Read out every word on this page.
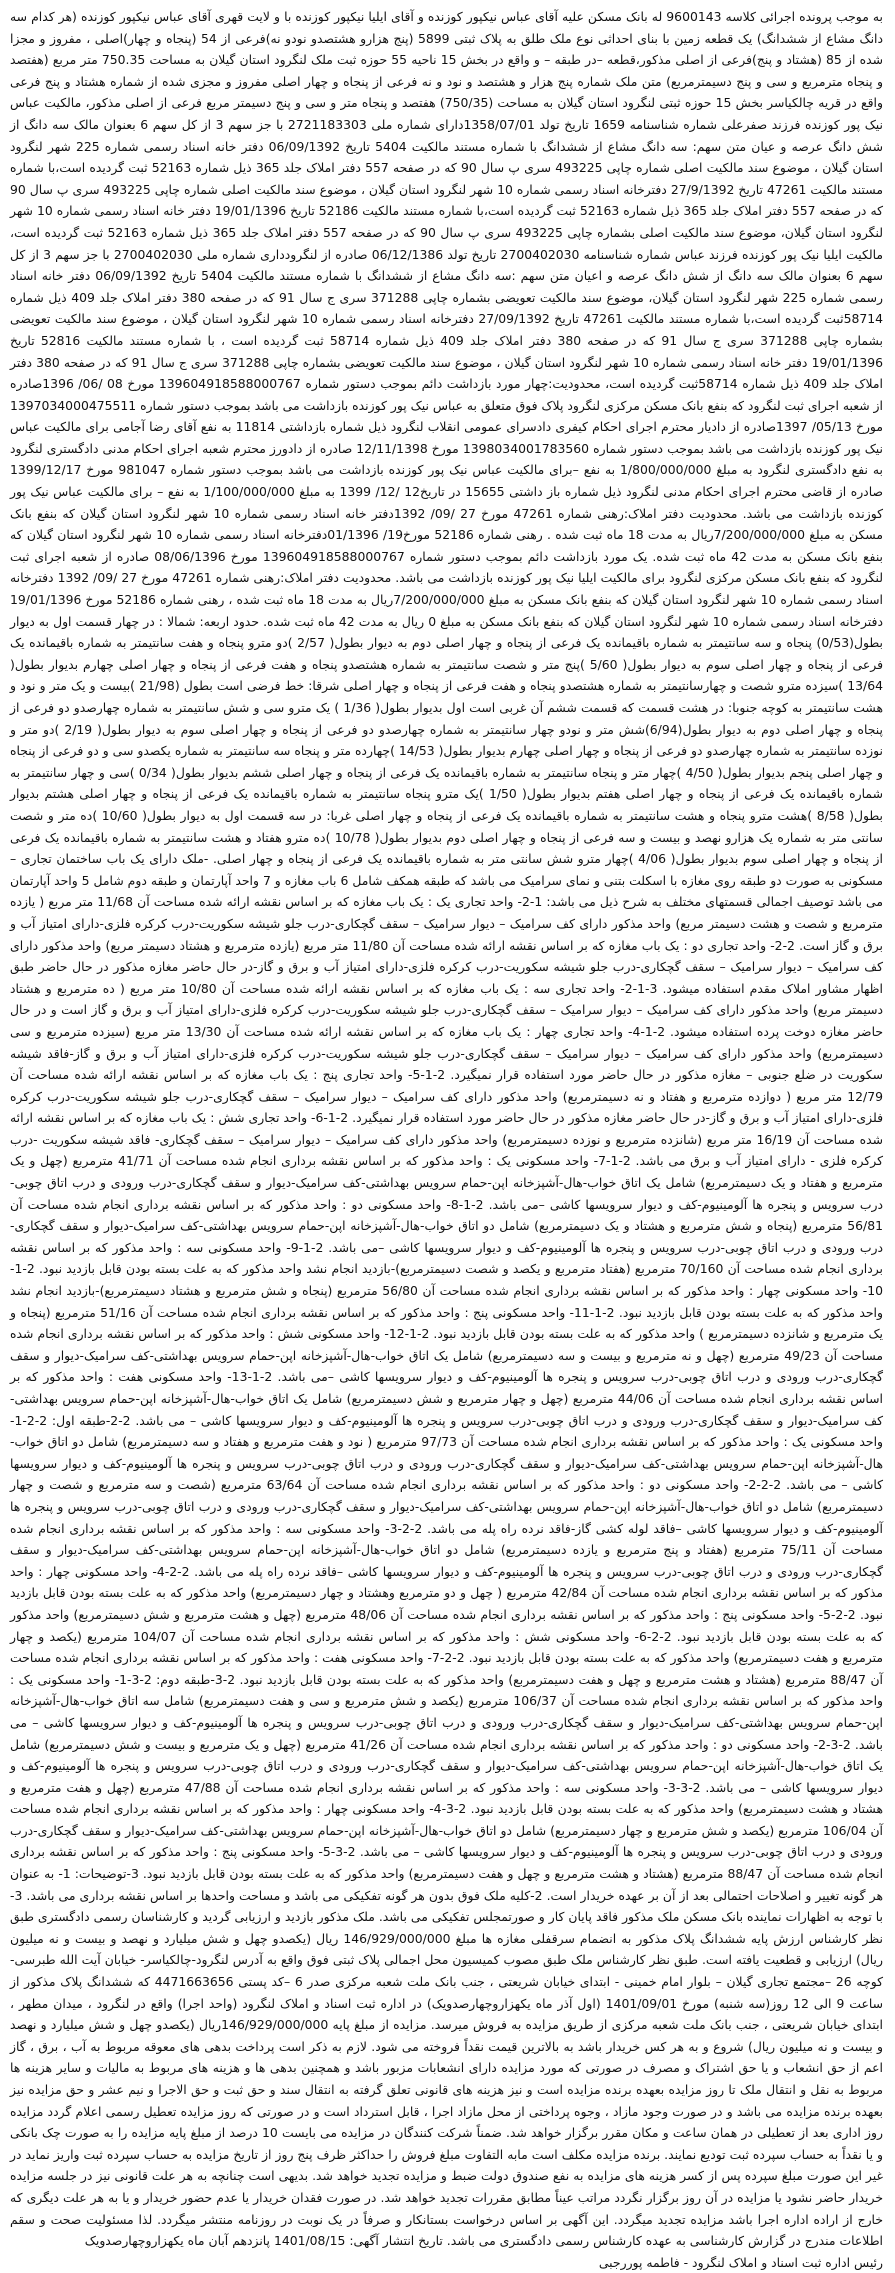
به موجب پرونده اجرائی کلاسه 9600143 له بانک مسکن علیه آقای عباس نیکپور کوزنده و آقای ایلیا نیکپور کوزنده با و لایت قهری آقای عباس نیکپور کوزنده (هر کدام سه دانگ مشاع از ششدانگ) یک قطعه زمین با بنای احداثی نوع ملک طلق به پلاک ثبتی 5899 (پنج هزارو هشتصدو نودو نه)فرعی از 54 (پنجاه و چهار)اصلی ، مفروز و مجزا شده از 85 (هشتاد و پنج)فرعی از اصلی مذکور،قطعه –در طبقه – و واقع در بخش 15 ناحیه 55 حوزه ثبت ملک لنگرود استان گیلان به مساحت 750.35 متر مربع (هفتصد و پنجاه مترمربع و سی و پنج دسیمترمربع) متن ملک شماره پنج هزار و هشتصد و نود و نه فرعی از پنجاه و چهار اصلی مفروز و مجزی شده از شماره هشتاد و پنج فرعی واقع در قریه چالکیاسر بخش 15 حوزه ثبتی لنگرود استان گیلان به مساحت (750/35) هفتصد و پنجاه متر و سی و پنج دسیمتر مربع فرعی از اصلی مذکور، مالکیت عباس نیک پور کوزنده فرزند صفرعلی شماره شناسنامه 1659 تاریخ تولد 1358/07/01دارای شماره ملی 2721183303 با جز سهم 3 از کل سهم 6 بعنوان مالک سه دانگ از شش دانگ عرصه و عیان متن سهم: سه دانگ مشاع از ششدانگ با شماره مستند مالکیت 5404 تاریخ 06/09/1392 دفتر خانه اسناد رسمی شماره 225 شهر لنگرود استان گیلان ، موضوع سند مالکیت اصلی شماره چاپی 493225 سری پ سال 90 که در صفحه 557 دفتر املاک جلد 365 ذیل شماره 52163 ثبت گردیده است،با شماره مستند مالکیت 47261 تاریخ 27/9/1392 دفترخانه اسناد رسمی شماره 10 شهر لنگرود استان گیلان ، موضوع سند مالکیت اصلی شماره چاپی 493225 سری پ سال 90 که در صفحه 557 دفتر املاک جلد 365 ذیل شماره 52163 ثبت گردیده است،با شماره مستند مالکیت 52186 تاریخ 19/01/1396 دفتر خانه اسناد رسمی شماره 10 شهر لنگرود استان گیلان، موضوع سند مالکیت اصلی بشماره چاپی 493225 سری پ سال 90 که در صفحه 557 دفتر املاک جلد 365 ذیل شماره 52163 ثبت گردیده است، مالکیت ایلیا نیک پور کوزنده فرزند عباس شماره شناسنامه 2700402030 تاریخ تولد 06/12/1386 صادره از لنگرودداری شماره ملی 2700402030 با جز سهم 3 از کل سهم 6 بعنوان مالک سه دانگ از شش دانگ عرصه و اعیان متن سهم :سه دانگ مشاع از ششدانگ با شماره مستند مالکیت 5404 تاریخ 06/09/1392 دفتر خانه اسناد رسمی شماره 225 شهر لنگرود استان گیلان، موضوع سند مالکیت تعویضی بشماره چاپی 371288 سری ج سال 91 که در صفحه 380 دفتر املاک جلد 409 ذیل شماره 58714ثبت گردیده است،با شماره مستند مالکیت 47261 تاریخ 27/09/1392 دفترخانه اسناد رسمی شماره 10 شهر لنگرود استان گیلان ، موضوع سند مالکیت تعویضی بشماره چاپی 371288 سری ج سال 91 که در صفحه 380 دفتر املاک جلد 409 ذیل شماره 58714 ثبت گردیده است ، با شماره مستند مالکیت 52816 تاریخ 19/01/1396 دفتر خانه اسناد رسمی شماره 10 شهر لنگرود استان گیلان ، موضوع سند مالکیت تعویضی بشماره چاپی 371288 سری ج سال 91 که در صفحه 380 دفتر املاک جلد 409 ذیل شماره 58714ثبت گردیده است، محدودیت:چهار مورد بازداشت دائم بموجب دستور شماره 139604918588000767 مورخ 08 /06/ 1396صادره از شعبه اجرای ثبت لنگرود که بنفع بانک مسکن مرکزی لنگرود پلاک فوق متعلق به عباس نیک پور کوزنده بازداشت می باشد بموجب دستور شماره 1397034000475511 مورخ 05/13/ 1397صادره از دادیار محترم اجرای احکام کیفری دادسرای عمومی انقلاب لنگرود ذیل شماره بازداشتی 11814 به نفع آقای رضا آجامی برای مالکیت عباس نیک پور کوزنده بازداشت می باشد بموجب دستور شماره 1398034001783560 مورخ 12/11/1398 صادره از دادورز محترم شعبه اجرای احکام مدنی دادگستری لنگرود به نفع دادگستری لنگرود به مبلغ 1/800/000/000 به نفع –برای مالکیت عباس نیک پور کوزنده بازداشت می باشد بموجب دستور شماره 981047 مورخ 1399/12/17 صادره از قاضی محترم اجرای احکام مدنی لنگرود ذیل شماره باز داشتی 15655 در تاریخ12 /12/ 1399 به مبلغ 1/100/000/000 به نفع – برای مالکیت عباس نیک پور کوزنده بازداشت می باشد. محدودیت دفتر املاک:رهنی شماره 47261 مورخ 27 /09/ 1392دفتر خانه اسناد رسمی شماره 10 شهر لنگرود استان گیلان که بنفع بانک مسکن به مبلغ 7/200/000/000ریال به مدت 18 ماه ثبت شده . رهنی شماره 52186 مورخ19/ 01/1396دفترخانه اسناد رسمی شماره 10 شهر لنگرود استان گیلان که بنفع بانک مسکن به مدت 42 ماه ثبت شده. یک مورد بازداشت دائم بموجب دستور شماره 139604918588000767 مورخ 08/06/1396 صادره از شعبه اجرای ثبت لنگرود که بنفع بانک مسکن مرکزی لنگرود برای مالکیت ایلیا نیک پور کوزنده بازداشت می باشد. محدودیت دفتر املاک:رهنی شماره 47261 مورخ 27 /09/ 1392 دفترخانه اسناد رسمی شماره 10 شهر لنگرود استان گیلان که بنفع بانک مسکن به مبلغ 7/200/000/000ریال به مدت 18 ماه ثبت شده ، رهنی شماره 52186 مورخ 19/01/1396 دفترخانه اسناد رسمی شماره 10 شهر لنگرود استان گیلان که بنفع بانک مسکن به مبلغ 0 ریال به مدت 42 ماه ثبت شده. حدود اربعه: شمالا : در چهار قسمت اول به دیوار بطول(0/53) پنجاه و سه سانتیمتر به شماره باقیمانده یک فرعی از پنجاه و چهار اصلی دوم به دیوار بطول( 2/57 )دو مترو پنجاه و هفت سانتیمتر به شماره باقیمانده یک فرعی از پنجاه و چهار اصلی سوم به دیوار بطول( 5/60 )پنج متر و شصت سانتیمتر به شماره هشتصدو پنجاه و هفت فرعی از پنجاه و چهار اصلی چهارم بدیوار بطول( 13/64 )سیزده مترو شصت و چهارسانتیمتر به شماره هشتصدو پنجاه و هفت فرعی از پنجاه و چهار اصلی شرقا: خط فرضی است بطول (21/98 )بیست و یک متر و نود و هشت سانتیمتر به کوچه جنوبا: در هشت قسمت که قسمت ششم آن غربی است اول بدیوار بطول( 1/36 ) یک مترو سی و شش سانتیمتر به شماره چهارصدو دو فرعی از پنجاه و چهار اصلی دوم به دیوار بطول(6/94)شش متر و نودو چهار سانتیمتر به شماره چهارصدو دو فرعی از پنجاه و چهار اصلی سوم به دیوار بطول( 2/19 )دو متر و نوزده سانتیمتر به شماره چهارصدو دو فرعی از پنجاه و چهار اصلی چهارم بدیوار بطول( 14/53 )چهارده متر و پنجاه سه سانتیمتر به شماره یکصدو سی و دو فرعی از پنجاه و چهار اصلی پنجم بدیوار بطول( 4/50 )چهار متر و پنجاه سانتیمتر به شماره باقیمانده یک فرعی از پنجاه و چهار اصلی ششم بدیوار بطول( 0/34 )سی و چهار سانتیمتر به شماره باقیمانده یک فرعی از پنجاه و چهار اصلی هفتم بدیوار بطول( 1/50 )یک مترو پنجاه سانتیمتر به شماره باقیمانده یک فرعی از پنجاه و چهار اصلی هشتم بدیوار بطول( 8/58 )هشت مترو پنجاه و هشت سانتیمتر به شماره باقیمانده یک فرعی از پنجاه و چهار اصلی غربا: در سه قسمت اول به دیوار بطول( 10/60 )ده متر و شصت سانتی متر به شماره یک هزارو نهصد و بیست و سه فرعی از پنجاه و چهار اصلی دوم بدیوار بطول( 10/78 )ده مترو هفتاد و هشت سانتیمتر به شماره باقیمانده یک فرعی از پنجاه و چهار اصلی سوم بدیوار بطول( 4/06 )چهار مترو شش سانتی متر به شماره باقیمانده یک فرعی از پنجاه و چهار اصلی. -ملک دارای یک باب ساختمان تجاری – مسکونی به صورت دو طبقه روی مغازه با اسکلت بتنی و نمای سرامیک می باشد که طبقه همکف شامل 6 باب مغازه و 7 واحد آپارتمان و طبقه دوم شامل 5 واحد آپارتمان می باشد توصیف اجمالی قسمتهای مختلف به شرح ذیل می باشد: 1-2- واحد تجاری یک : یک باب مغازه که بر اساس نقشه ارائه شده مساحت آن 11/68 متر مربع ( یازده مترمربع و شصت و هشت دسیمتر مربع) واحد مذکور دارای کف سرامیک – دیوار سرامیک – سقف گچکاری-درب جلو شیشه سکوریت-درب کرکره فلزی-دارای امتیاز آب و برق و گاز است. 2-2- واحد تجاری دو : یک باب مغازه که بر اساس نقشه ارائه شده مساحت آن 11/80 متر مربع (یازده مترمربع و هشتاد دسیمتر مربع) واحد مذکور دارای کف سرامیک – دیوار سرامیک – سقف گچکاری-درب جلو شیشه سکوریت-درب کرکره فلزی-دارای امتیاز آب و برق و گاز-در حال حاضر مغازه مذکور در حال حاضر طبق اظهار مشاور املاک مقدم استفاده میشود. 3-1-2- واحد تجاری سه : یک باب مغازه که بر اساس نقشه ارائه شده مساحت آن 10/80 متر مربع ( ده مترمربع و هشتاد دسیمتر مربع) واحد مذکور دارای کف سرامیک – دیوار سرامیک – سقف گچکاری-درب جلو شیشه سکوریت-درب کرکره فلزی-دارای امتیاز آب و برق و گاز است و در حال حاضر مغازه دوخت پرده استفاده میشود. 2-1-4- واحد تجاری چهار : یک باب مغازه که بر اساس نقشه ارائه شده مساحت آن 13/30 متر مربع (سیزده مترمربع و سی دسیمترمربع) واحد مذکور دارای کف سرامیک – دیوار سرامیک – سقف گچکاری-درب جلو شیشه سکوریت-درب کرکره فلزی-دارای امتیاز آب و برق و گاز-فاقد شیشه سکوریت در ضلع جنوبی – مغازه مذکور در حال حاضر مورد استفاده قرار نمیگیرد. 2-1-5- واحد تجاری پنج : یک باب مغازه که بر اساس نقشه ارائه شده مساحت آن 12/79 متر مربع ( دوازده مترمربع و هفتاد و نه دسیمترمربع) واحد مذکور دارای کف سرامیک – دیوار سرامیک – سقف گچکاری-درب جلو شیشه سکوریت-درب کرکره فلزی-دارای امتیاز آب و برق و گاز-در حال حاضر مغازه مذکور در حال حاضر مورد استفاده قرار نمیگیرد. 2-1-6- واحد تجاری شش : یک باب مغازه که بر اساس نقشه ارائه شده مساحت آن 16/19 متر مربع (شانزده مترمربع و نوزده دسیمترمربع) واحد مذکور دارای کف سرامیک – دیوار سرامیک – سقف گچکاری- فاقد شیشه سکوریت -درب کرکره فلزی - دارای امتیاز آب و برق می باشد. 2-1-7- واحد مسکونی یک : واحد مذکور که بر اساس نقشه برداری انجام شده مساحت آن 41/71 مترمربع (چهل و یک مترمربع و هفتاد و یک دسیمترمربع) شامل یک اتاق خواب-هال-آشپزخانه اپن-حمام سرویس بهداشتی-کف سرامیک-دیوار و سقف گچکاری-درب ورودی و درب اتاق چوبی-درب سرویس و پنجره ها آلومینیوم-کف و دیوار سرویسها کاشی –می باشد. 2-1-8- واحد مسکونی دو : واحد مذکور که بر اساس نقشه برداری انجام شده مساحت آن 56/81 مترمربع (پنجاه و شش مترمربع و هشتاد و یک دسیمترمربع) شامل دو اتاق خواب-هال-آشپزخانه اپن-حمام سرویس بهداشتی-کف سرامیک-دیوار و سقف گچکاری-درب ورودی و درب اتاق چوبی-درب سرویس و پنجره ها آلومینیوم-کف و دیوار سرویسها کاشی –می باشد. 2-1-9- واحد مسکونی سه : واحد مذکور که بر اساس نقشه برداری انجام شده مساحت آن 70/160 مترمربع (هفتاد مترمربع و یکصد و شصت دسیمترمربع)-بازدید انجام نشد واحد مذکور که به علت بسته بودن قابل بازدید نبود. 2-1-10- واحد مسکونی چهار : واحد مذکور که بر اساس نقشه برداری انجام شده مساحت آن 56/80 مترمربع (پنجاه و شش مترمربع و هشتاد دسیمترمربع)-بازدید انجام نشد واحد مذکور که به علت بسته بودن قابل بازدید نبود. 2-1-11- واحد مسکونی پنج : واحد مذکور که بر اساس نقشه برداری انجام شده مساحت آن 51/16 مترمربع (پنجاه و یک مترمربع و شانزده دسیمترمربع ) واحد مذکور که به علت بسته بودن قابل بازدید نبود. 2-1-12- واحد مسکونی شش : واحد مذکور که بر اساس نقشه برداری انجام شده مساحت آن 49/23 مترمربع (چهل و نه مترمربع و بیست و سه دسیمترمربع) شامل یک اتاق خواب-هال-آشپزخانه اپن-حمام سرویس بهداشتی-کف سرامیک-دیوار و سقف گچکاری-درب ورودی و درب اتاق چوبی-درب سرویس و پنجره ها آلومینیوم-کف و دیوار سرویسها کاشی –می باشد. 2-1-13- واحد مسکونی هفت : واحد مذکور که بر اساس نقشه برداری انجام شده مساحت آن 44/06 مترمربع (چهل و چهار مترمربع و شش دسیمترمربع) شامل یک اتاق خواب-هال-آشپزخانه اپن-حمام سرویس بهداشتی-کف سرامیک-دیوار و سقف گچکاری-درب ورودی و درب اتاق چوبی-درب سرویس و پنجره ها آلومینیوم-کف و دیوار سرویسها کاشی – می باشد. 2-2-طبقه اول: 2-2-1- واحد مسکونی یک : واحد مذکور که بر اساس نقشه برداری انجام شده مساحت آن 97/73 مترمربع ( نود و هفت مترمربع و هفتاد و سه دسیمترمربع) شامل دو اتاق خواب-هال-آشپزخانه اپن-حمام سرویس بهداشتی-کف سرامیک-دیوار و سقف گچکاری-درب ورودی و درب اتاق چوبی-درب سرویس و پنجره ها آلومینیوم-کف و دیوار سرویسها کاشی – می باشد. 2-2-2- واحد مسکونی دو : واحد مذکور که بر اساس نقشه برداری انجام شده مساحت آن 63/64 مترمربع (شصت و سه مترمربع و شصت و چهار دسیمترمربع) شامل دو اتاق خواب-هال-آشپزخانه اپن-حمام سرویس بهداشتی-کف سرامیک-دیوار و سقف گچکاری-درب ورودی و درب اتاق چوبی-درب سرویس و پنجره ها آلومینیوم-کف و دیوار سرویسها کاشی –فاقد لوله کشی گاز-فاقد نرده راه پله می باشد. 2-2-3- واحد مسکونی سه : واحد مذکور که بر اساس نقشه برداری انجام شده مساحت آن 75/11 مترمربع (هفتاد و پنج مترمربع و یازده دسیمترمربع) شامل دو اتاق خواب-هال-آشپزخانه اپن-حمام سرویس بهداشتی-کف سرامیک-دیوار و سقف گچکاری-درب ورودی و درب اتاق چوبی-درب سرویس و پنجره ها آلومینیوم-کف و دیوار سرویسها کاشی –فاقد نرده راه پله می باشد. 2-2-4- واحد مسکونی چهار : واحد مذکور که بر اساس نقشه برداری انجام شده مساحت آن 42/84 مترمربع ( چهل و دو مترمربع وهشتاد و چهار دسیمترمربع) واحد مذکور که به علت بسته بودن قابل بازدید نبود. 2-2-5- واحد مسکونی پنج : واحد مذکور که بر اساس نقشه برداری انجام شده مساحت آن 48/06 مترمربع (چهل و هشت مترمربع و شش دسیمترمربع) واحد مذکور که به علت بسته بودن قابل بازدید نبود. 2-2-6- واحد مسکونی شش : واحد مذکور که بر اساس نقشه برداری انجام شده مساحت آن 104/07 مترمربع (یکصد و چهار مترمربع و هفت دسیمترمربع) واحد مذکور که به علت بسته بودن قابل بازدید نبود. 2-2-7- واحد مسکونی هفت : واحد مذکور که بر اساس نقشه برداری انجام شده مساحت آن 88/47 مترمربع (هشتاد و هشت مترمربع و چهل و هفت دسیمترمربع) واحد مذکور که به علت بسته بودن قابل بازدید نبود. 2-3-طبقه دوم: 2-3-1- واحد مسکونی یک : واحد مذکور که بر اساس نقشه برداری انجام شده مساحت آن 106/37 مترمربع (یکصد و شش مترمربع و سی و هفت دسیمترمربع) شامل سه اتاق خواب-هال-آشپزخانه اپن-حمام سرویس بهداشتی-کف سرامیک-دیوار و سقف گچکاری-درب ورودی و درب اتاق چوبی-درب سرویس و پنجره ها آلومینیوم-کف و دیوار سرویسها کاشی – می باشد. 2-3-2- واحد مسکونی دو : واحد مذکور که بر اساس نقشه برداری انجام شده مساحت آن 41/26 مترمربع (چهل و یک مترمربع و بیست و شش دسیمترمربع) شامل یک اتاق خواب-هال-آشپزخانه اپن-حمام سرویس بهداشتی-کف سرامیک-دیوار و سقف گچکاری-درب ورودی و درب اتاق چوبی-درب سرویس و پنجره ها آلومینیوم-کف و دیوار سرویسها کاشی – می باشد. 2-3-3- واحد مسکونی سه : واحد مذکور که بر اساس نقشه برداری انجام شده مساحت آن 47/88 مترمربع (چهل و هفت مترمربع و هشتاد و هشت دسیمترمربع) واحد مذکور که به علت بسته بودن قابل بازدید نبود. 2-3-4- واحد مسکونی چهار : واحد مذکور که بر اساس نقشه برداری انجام شده مساحت آن 106/04 مترمربع (یکصد و شش مترمربع و چهار دسیمترمربع) شامل دو اتاق خواب-هال-آشپزخانه اپن-حمام سرویس بهداشتی-کف سرامیک-دیوار و سقف گچکاری-درب ورودی و درب اتاق چوبی-درب سرویس و پنجره ها آلومینیوم-کف و دیوار سرویسها کاشی – می باشد. 2-3-5- واحد مسکونی پنج : واحد مذکور که بر اساس نقشه برداری انجام شده مساحت آن 88/47 مترمربع (هشتاد و هشت مترمربع و چهل و هفت دسیمترمربع) واحد مذکور که به علت بسته بودن قابل بازدید نبود. 3-توضیحات: 1- به عنوان هر گونه تغییر و اصلاحات احتمالی بعد از آن بر عهده خریدار است. 2-کلیه ملک فوق بدون هر گونه تفکیکی می باشد و مساحت واحدها بر اساس نقشه برداری می باشد. 3- با توجه به اظهارات نماینده بانک مسکن ملک مذکور فاقد پایان کار و صورتمجلس تفکیکی می باشد. ملک مذکور بازدید و ارزیابی گردید و کارشناسان رسمی دادگستری طبق نظر کارشناس ارزش پایه ششدانگ پلاک مذکور به انضمام سرقفلی مغازه ها مبلغ 146/929/000/000 ریال (یکصدو چهل و شش میلیارد و نهصد و بیست و نه میلیون ریال) ارزیابی و قطعیت یافته است. طبق نظر کارشناس ملک طبق مصوب کمیسیون محل اجمالی پلاک ثبتی فوق واقع به آدرس لنگرود-چالکیاسر- خیابان آیت الله طبرسی-کوچه 26 –مجتمع تجاری گیلان – بلوار امام خمینی - ابتدای خیابان شریعتی ، جنب بانک ملت شعبه مرکزی صدر 6 –کد پستی 4471663656 که ششدانگ پلاک مذکور از ساعت 9 الی 12 روز(سه شنبه) مورخ 1401/09/01 (اول آذر ماه یکهزاروچهارصدویک) در اداره ثبت اسناد و املاک لنگرود (واحد اجرا) واقع در لنگرود ، میدان مطهر ، ابتدای خیابان شریعتی ، جنب بانک ملت شعبه مرکزی از طریق مزایده به فروش میرسد. مزایده از مبلغ پایه 146/929/000/000ریال (یکصدو چهل و شش میلیارد و نهصد و بیست و نه میلیون ریال) شروع و به هر کس خریدار باشد به بالاترین قیمت نقداً فروخته می شود. لازم به ذکر است پرداخت بدهی های معوقه مربوط به آب ، برق ، گاز اعم از حق انشعاب و یا حق اشتراک و مصرف در صورتی که مورد مزایده دارای انشعابات مزبور باشد و همچنین بدهی ها و هزینه های مربوط به مالیات و سایر هزینه ها مربوط به نقل و انتقال ملک تا روز مزایده بعهده برنده مزایده است و نیز هزینه های قانونی تعلق گرفته به انتقال سند و حق ثبت و حق الاجرا و نیم عشر و حق مزایده نیز بعهده برنده مزایده می باشد و در صورت وجود مازاد ، وجوه پرداختی از محل مازاد اجرا ، قابل استرداد است و در صورتی که روز مزایده تعطیل رسمی اعلام گردد مزایده روز اداری بعد از تعطیلی در همان ساعت و مکان مقرر برگزار خواهد شد. ضمناً شرکت کنندگان در مزایده می بایست 10 درصد از مبلغ پایه مزایده را به صورت چک بانکی و یا نقداً به حساب سپرده ثبت تودیع نمایند. برنده مزایده مکلف است مابه التفاوت مبلغ فروش را حداکثر ظرف پنج روز از تاریخ مزایده به حساب سپرده ثبت واریز نماید در غیر این صورت مبلغ سپرده پس از کسر هزینه های مزایده به نفع صندوق دولت ضبط و مزایده تجدید خواهد شد. بدیهی است چنانچه به هر علت قانونی نیز در جلسه مزایده خریدار حاضر نشود یا مزایده در آن روز برگزار نگردد مراتب عیناً مطابق مقررات تجدید خواهد شد. در صورت فقدان خریدار یا عدم حضور خریدار و یا به هر علت دیگری که خارج از اراده اداره اجرا باشد مزایده تجدید میگردد. این آگهی بر اساس درخواست بستانکار و صرفاً در یک نوبت در روزنامه منتشر میگردد. لذا مسئولیت صحت و سقم اطلاعات مندرج در گزارش کارشناسی به عهده کارشناس رسمی دادگستری می باشد. تاریخ انتشار آگهی: 1401/08/15 پانزدهم آبان ماه یکهزاروچهارصدویک

رئیس اداره ثبت اسناد و املاک لنگرود - فاطمه پوررجبی
